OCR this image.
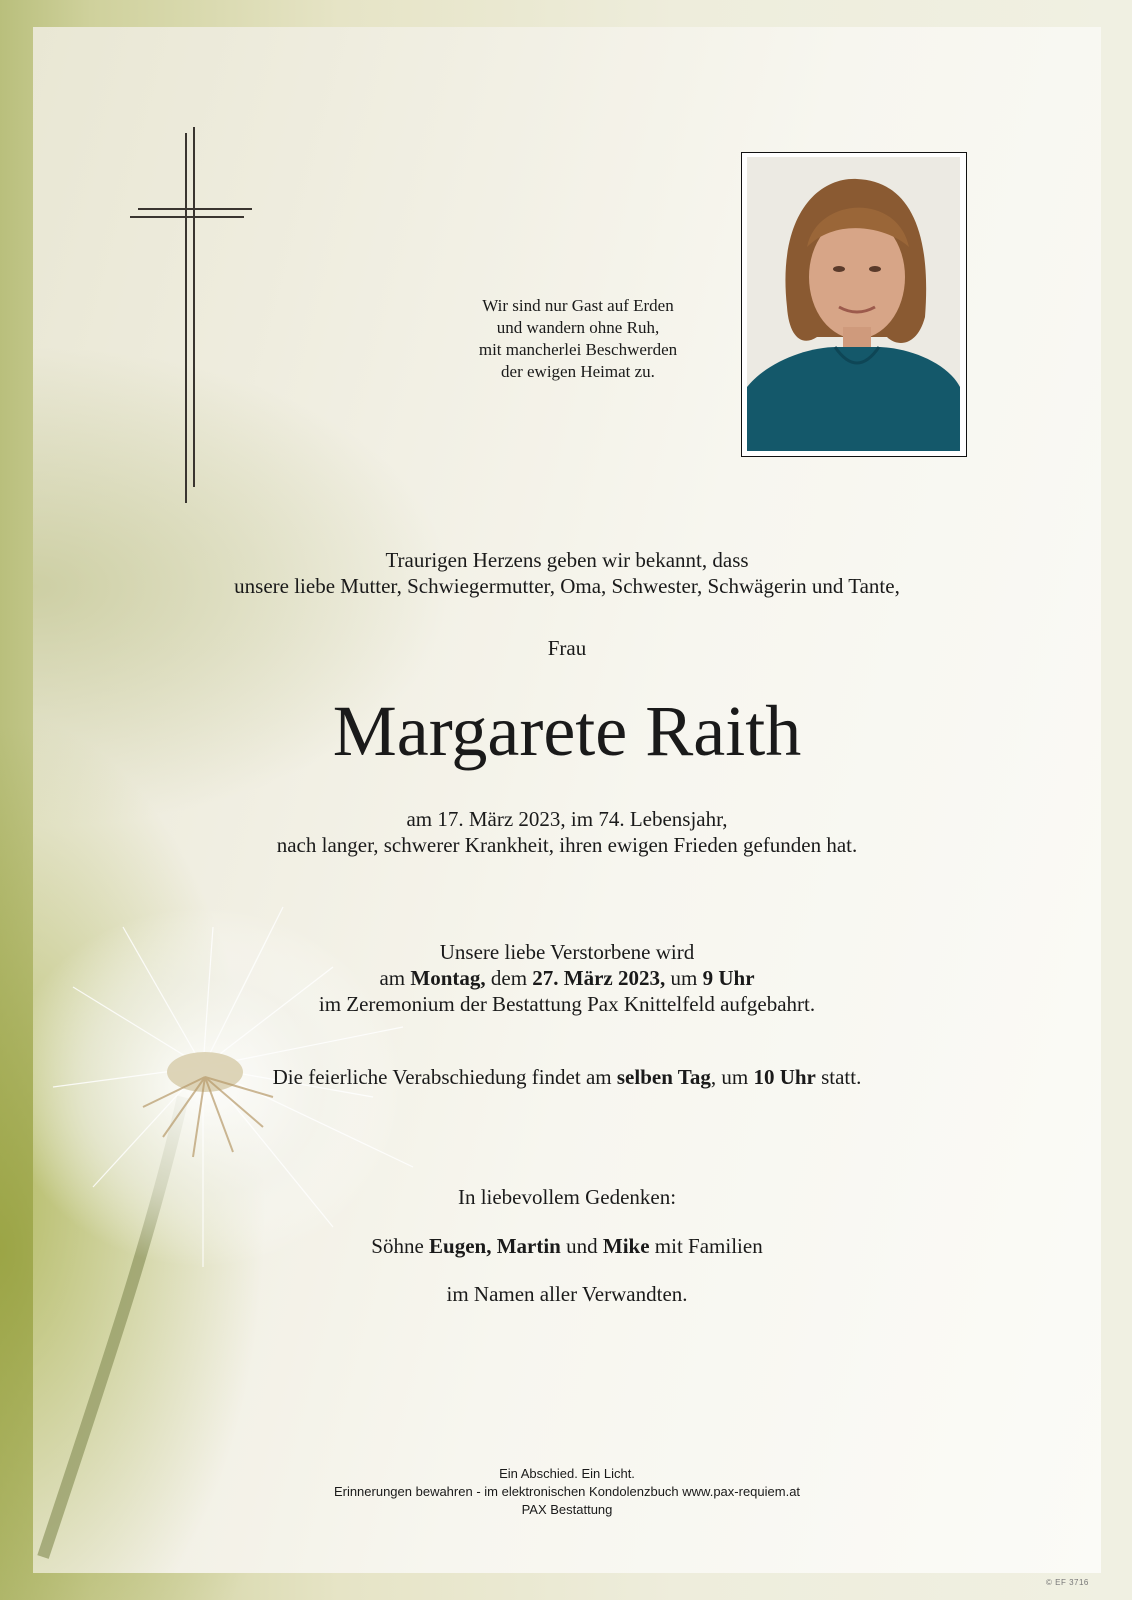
Wir sind nur Gast auf Erden
und wandern ohne Ruh,
mit mancherlei Beschwerden
der ewigen Heimat zu.
Traurigen Herzens geben wir bekannt, dass
unsere liebe Mutter, Schwiegermutter, Oma, Schwester, Schwägerin und Tante,
Frau
Margarete Raith
am 17. März 2023, im 74. Lebensjahr,
nach langer, schwerer Krankheit, ihren ewigen Frieden gefunden hat.
Unsere liebe Verstorbene wird
am Montag, dem 27. März 2023, um 9 Uhr
im Zeremonium der Bestattung Pax Knittelfeld aufgebahrt.
Die feierliche Verabschiedung findet am selben Tag, um 10 Uhr statt.
In liebevollem Gedenken:
Söhne Eugen, Martin und Mike mit Familien
im Namen aller Verwandten.
Ein Abschied. Ein Licht.
Erinnerungen bewahren - im elektronischen Kondolenzbuch www.pax-requiem.at
PAX Bestattung
© EF 3716
